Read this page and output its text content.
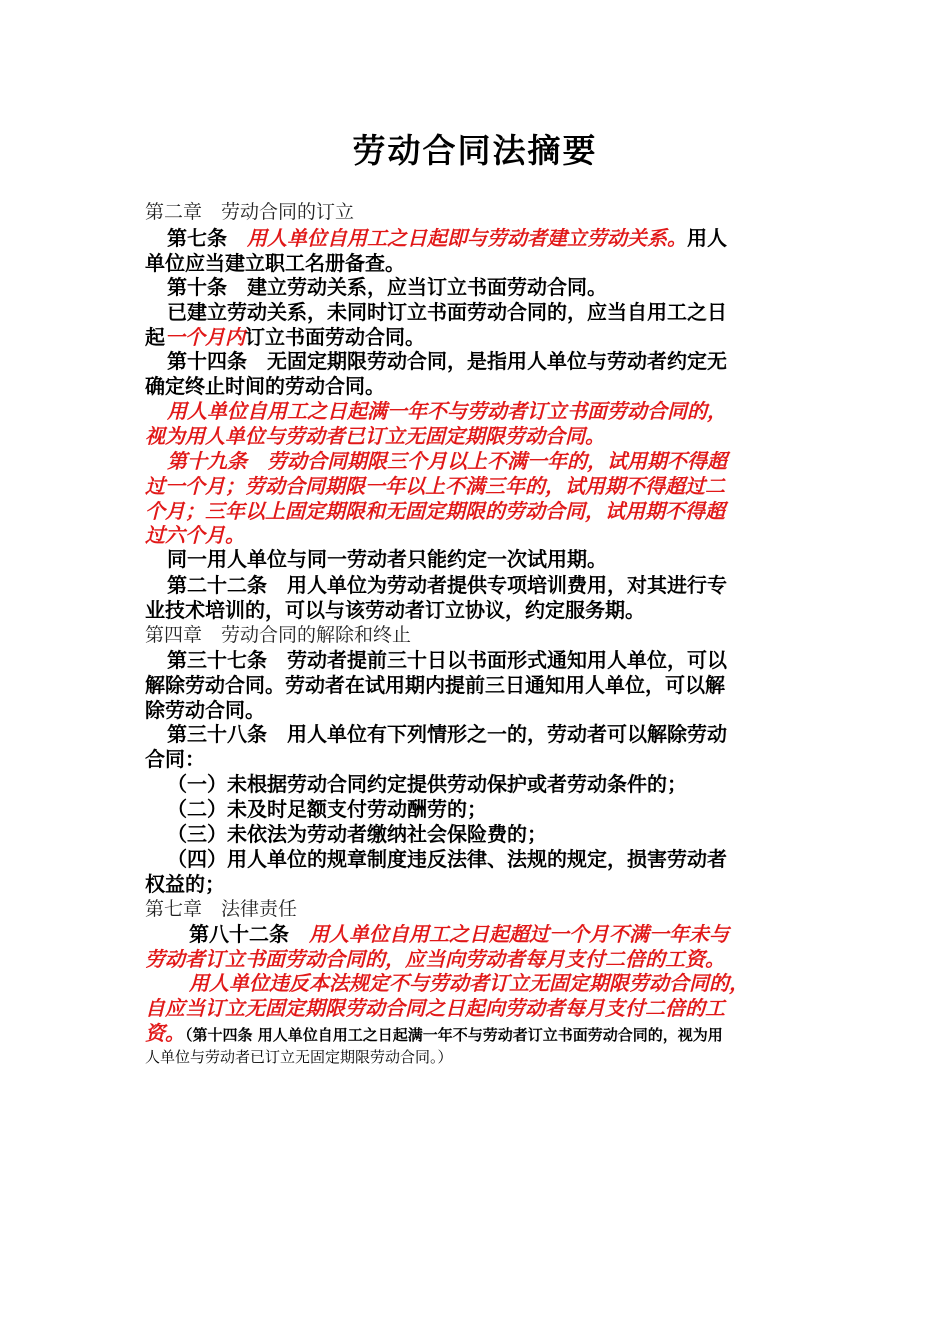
劳动合同法摘要
第二章　劳动合同的订立
第七条　用人单位自用工之日起即与劳动者建立劳动关系。用人
单位应当建立职工名册备查。
第十条　建立劳动关系，应当订立书面劳动合同。
已建立劳动关系，未同时订立书面劳动合同的，应当自用工之日
起一个月内订立书面劳动合同。
第十四条　无固定期限劳动合同，是指用人单位与劳动者约定无
确定终止时间的劳动合同。
用人单位自用工之日起满一年不与劳动者订立书面劳动合同的，
视为用人单位与劳动者已订立无固定期限劳动合同。
第十九条　劳动合同期限三个月以上不满一年的，试用期不得超
过一个月；劳动合同期限一年以上不满三年的，试用期不得超过二
个月；三年以上固定期限和无固定期限的劳动合同，试用期不得超
过六个月。
同一用人单位与同一劳动者只能约定一次试用期。
第二十二条　用人单位为劳动者提供专项培训费用，对其进行专
业技术培训的，可以与该劳动者订立协议，约定服务期。
第四章　劳动合同的解除和终止
第三十七条　劳动者提前三十日以书面形式通知用人单位，可以
解除劳动合同。劳动者在试用期内提前三日通知用人单位，可以解
除劳动合同。
第三十八条　用人单位有下列情形之一的，劳动者可以解除劳动
合同：
（一）未根据劳动合同约定提供劳动保护或者劳动条件的；
（二）未及时足额支付劳动酬劳的；
（三）未依法为劳动者缴纳社会保险费的；
（四）用人单位的规章制度违反法律、法规的规定，损害劳动者
权益的；
第七章　法律责任
第八十二条　用人单位自用工之日起超过一个月不满一年未与
劳动者订立书面劳动合同的，应当向劳动者每月支付二倍的工资。
用人单位违反本法规定不与劳动者订立无固定期限劳动合同的，
自应当订立无固定期限劳动合同之日起向劳动者每月支付二倍的工
资。（第十四条 用人单位自用工之日起满一年不与劳动者订立书面劳动合同的，视为用
人单位与劳动者已订立无固定期限劳动合同。）
